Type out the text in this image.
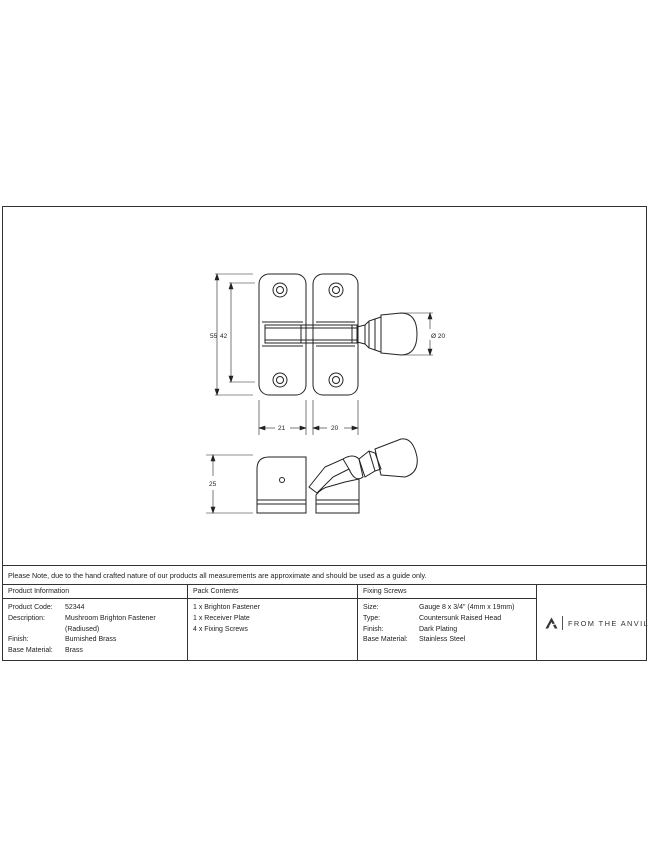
55 42	Ø 20
21	20
25
Please Note, due to the hand crafted nature of our products all measurements are approximate and should be used as a guide only.
Product Information
Product Code:	52344
Description:	Mushroom Brighton Fastener
(Radiused)
Finish:	Burnished Brass
Base Material:	Brass
Pack Contents
1 x Brighton Fastener
1 x Receiver Plate
4 x Fixing Screws
Fixing Screws
Size:	Gauge 8 x 3/4" (4mm x 19mm)
Type:	Countersunk Raised Head
Finish:	Dark Plating
Base Material:	Stainless Steel
FROM THE ANVIL
